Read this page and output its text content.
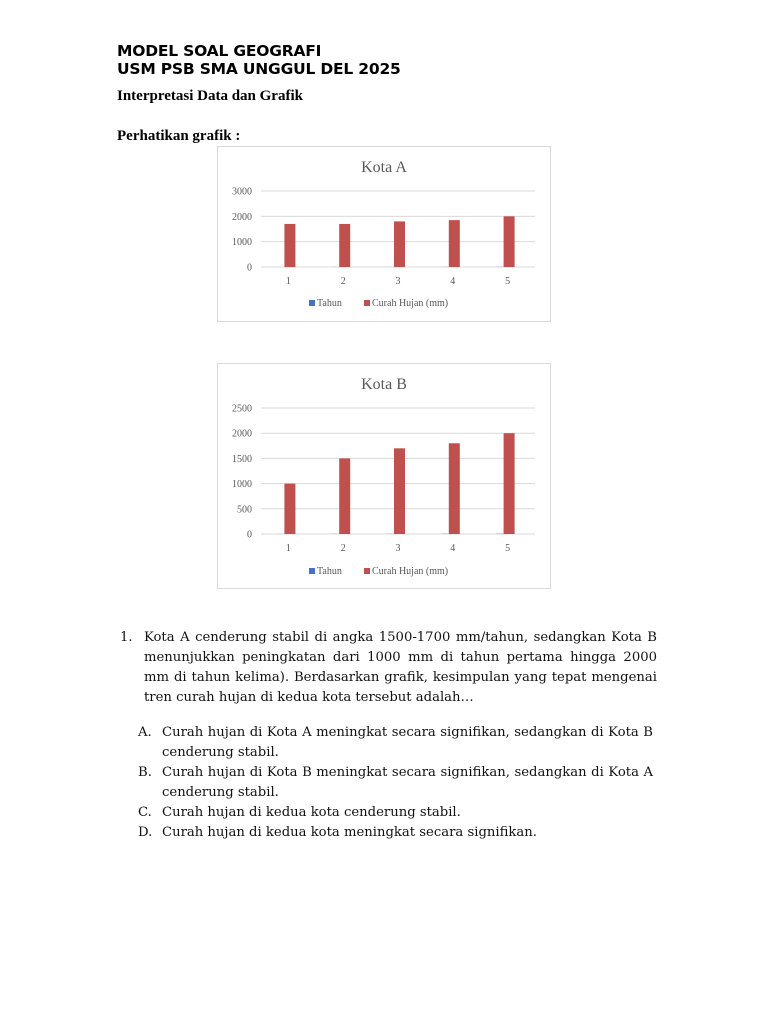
MODEL SOAL GEOGRAFI
USM PSB SMA UNGGUL DEL 2025
Interpretasi Data dan Grafik
Perhatikan grafik :
Kota A
0
1000
2000
3000
1	2	3	4	5
Tahun	Curah Hujan (mm)
Kota B
0
500
1000
1500
2000
2500
1	2	3	4	5
Tahun	Curah Hujan (mm)
1. Kota A cenderung stabil di angka 1500-1700 mm/tahun, sedangkan Kota B menunjukkan peningkatan dari 1000 mm di tahun pertama hingga 2000 mm di tahun kelima). Berdasarkan grafik, kesimpulan yang tepat mengenai tren curah hujan di kedua kota tersebut adalah…
A. Curah hujan di Kota A meningkat secara signifikan, sedangkan di Kota B cenderung stabil.
B. Curah hujan di Kota B meningkat secara signifikan, sedangkan di Kota A cenderung stabil.
C. Curah hujan di kedua kota cenderung stabil.
D. Curah hujan di kedua kota meningkat secara signifikan.
